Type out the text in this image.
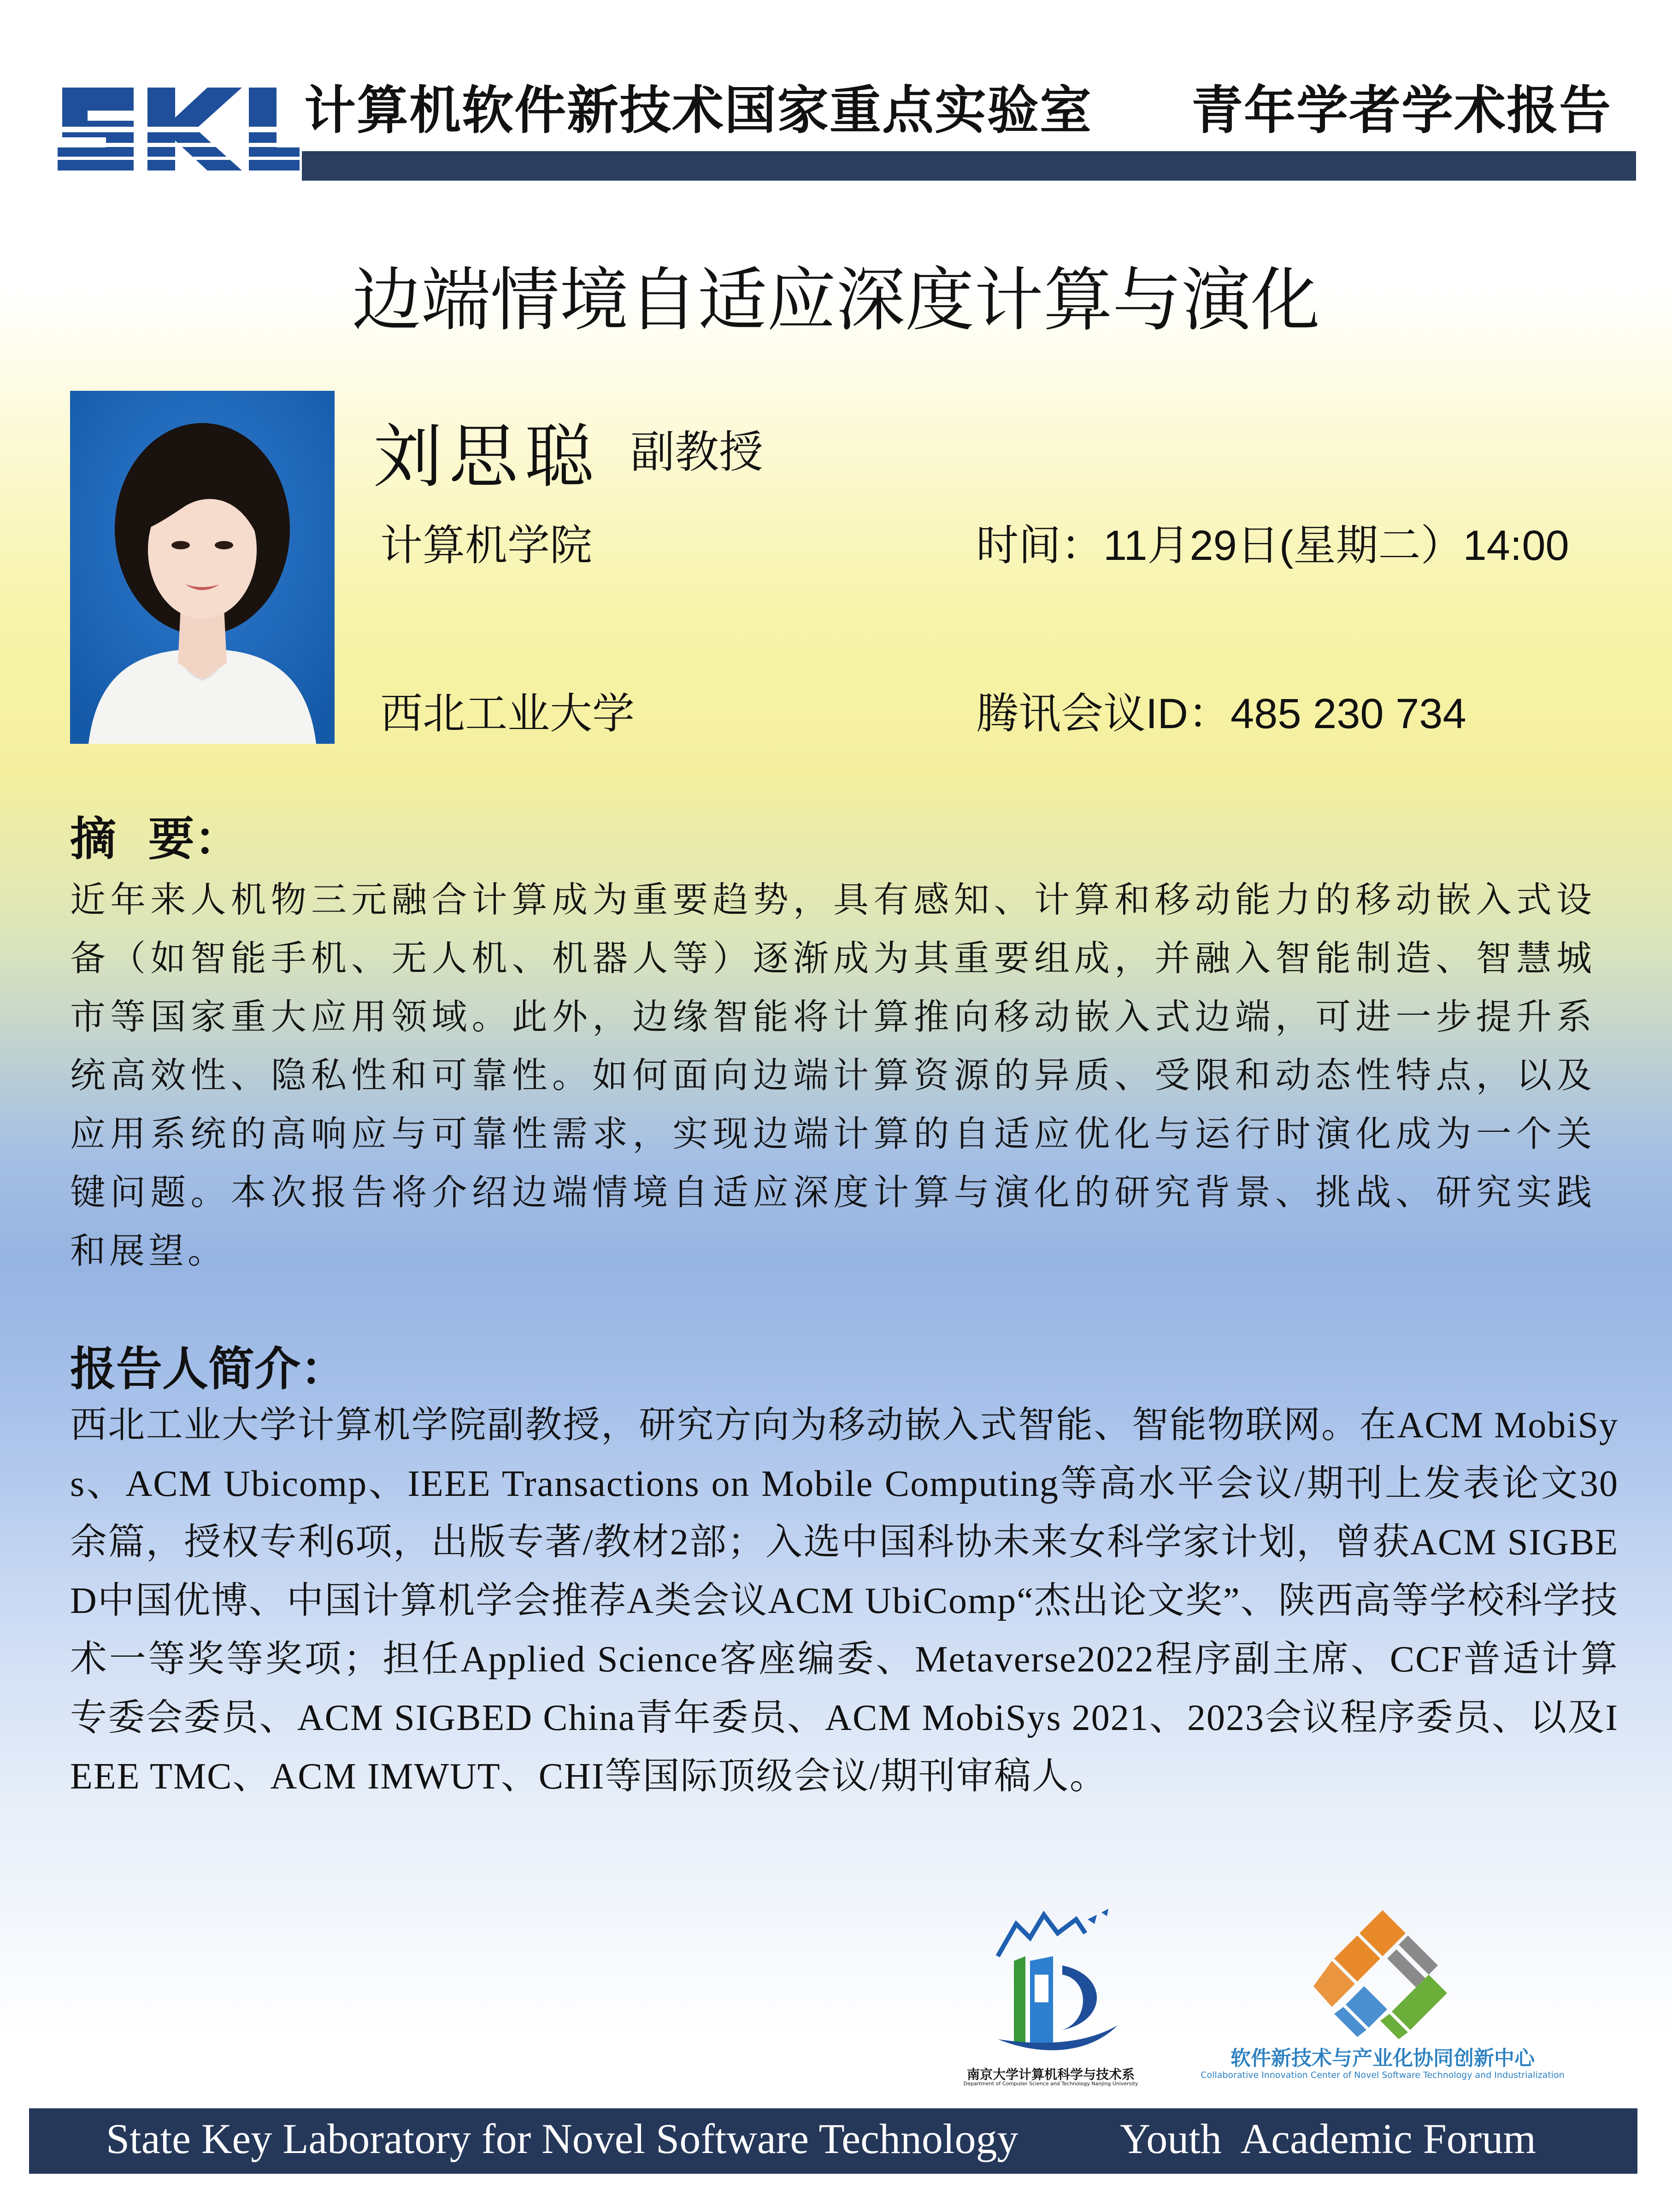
计算机软件新技术国家重点实验室 青年学者学术报告
边端情境自适应深度计算与演化
刘思聪 副教授
计算机学院
西北工业大学
时间：11月29日(星期二）14:00
腾讯会议ID：485 230 734
摘  要：
近年来人机物三元融合计算成为重要趋势，具有感知、计算和移动能力的移动嵌入式设备（如智能手机、无人机、机器人等）逐渐成为其重要组成，并融入智能制造、智慧城市等国家重大应用领域。此外，边缘智能将计算推向移动嵌入式边端，可进一步提升系统高效性、隐私性和可靠性。如何面向边端计算资源的异质、受限和动态性特点，以及应用系统的高响应与可靠性需求，实现边端计算的自适应优化与运行时演化成为一个关键问题。本次报告将介绍边端情境自适应深度计算与演化的研究背景、挑战、研究实践和展望。
报告人简介：
西北工业大学计算机学院副教授，研究方向为移动嵌入式智能、智能物联网。在ACM MobiSys、ACM Ubicomp、IEEE Transactions on Mobile Computing等高水平会议/期刊上发表论文30余篇，授权专利6项，出版专著/教材2部；入选中国科协未来女科学家计划，曾获ACM SIGBED中国优博、中国计算机学会推荐A类会议ACM UbiComp“杰出论文奖”、陕西高等学校科学技术一等奖等奖项；担任Applied Science客座编委、Metaverse2022程序副主席、CCF普适计算专委会委员、ACM SIGBED China青年委员、ACM MobiSys 2021、2023会议程序委员、以及IEEE TMC、ACM IMWUT、CHI等国际顶级会议/期刊审稿人。
南京大学计算机科学与技术系
Department of Computer Science and Technology Nanjing University
软件新技术与产业化协同创新中心
Collaborative Innovation Center of Novel Software Technology and Industrialization
State Key Laboratory for Novel Software Technology Youth  Academic Forum
